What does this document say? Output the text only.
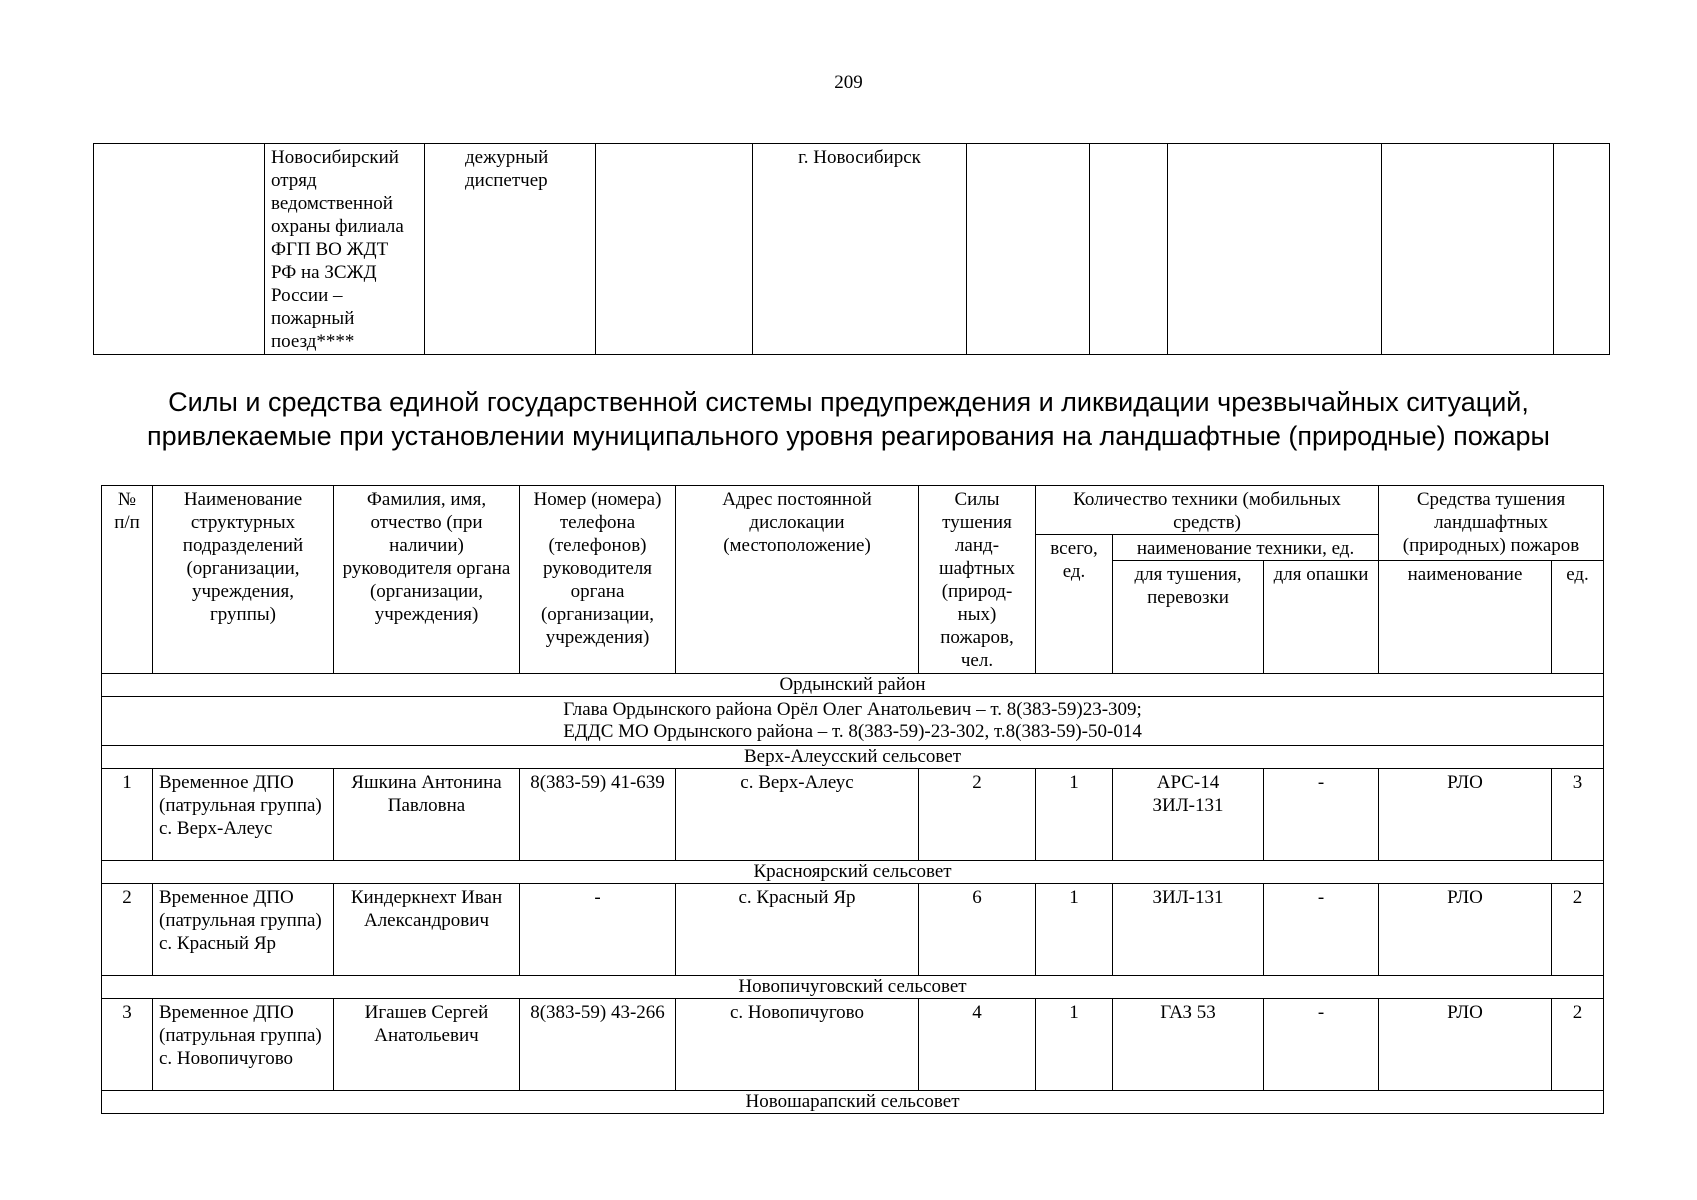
209
	Новосибирский отряд ведомственной охраны филиала ФГП ВО ЖДТ РФ на ЗСЖД России – пожарный поезд****	дежурный диспетчер		г. Новосибирск					
Силы и средства единой государственной системы предупреждения и ликвидации чрезвычайных ситуаций,
привлекаемые при установлении муниципального уровня реагирования на ландшафтные (природные) пожары
№ п/п	Наименование структурных подразделений (организации, учреждения, группы)	Фамилия, имя, отчество (при наличии) руководителя органа (организации, учреждения)	Номер (номера) телефона (телефонов) руководителя органа (организации, учреждения)	Адрес постоянной дислокации (местоположение)	Силы тушения ланд-шафтных (природ-ных) пожаров, чел.	Количество техники (мобильных средств)			Средства тушения ландшафтных (природных) пожаров	
						всего, ед.	наименование техники, ед.			
							для тушения, перевозки	для опашки	наименование	ед.
Ордынский район										

Глава Ордынского района Орёл Олег Анатольевич – т. 8(383-59)23-309;
ЕДДС МО Ордынского района – т. 8(383-59)-23-302, т.8(383-59)-50-014										

Верх-Алеусский сельсовет										
1	Временное ДПО (патрульная группа) с. Верх-Алеус	Яшкина Антонина Павловна	8(383-59) 41-639	с. Верх-Алеус	2	1	АРС-14 ЗИЛ-131	-	РЛО	3
Красноярский сельсовет										
2	Временное ДПО (патрульная группа) с. Красный Яр	Киндеркнехт Иван Александрович	-	с. Красный Яр	6	1	ЗИЛ-131	-	РЛО	2
Новопичуговский сельсовет										
3	Временное ДПО (патрульная группа) с. Новопичугово	Игашев Сергей Анатольевич	8(383-59) 43-266	с. Новопичугово	4	1	ГАЗ 53	-	РЛО	2
Новошарапский сельсовет										
